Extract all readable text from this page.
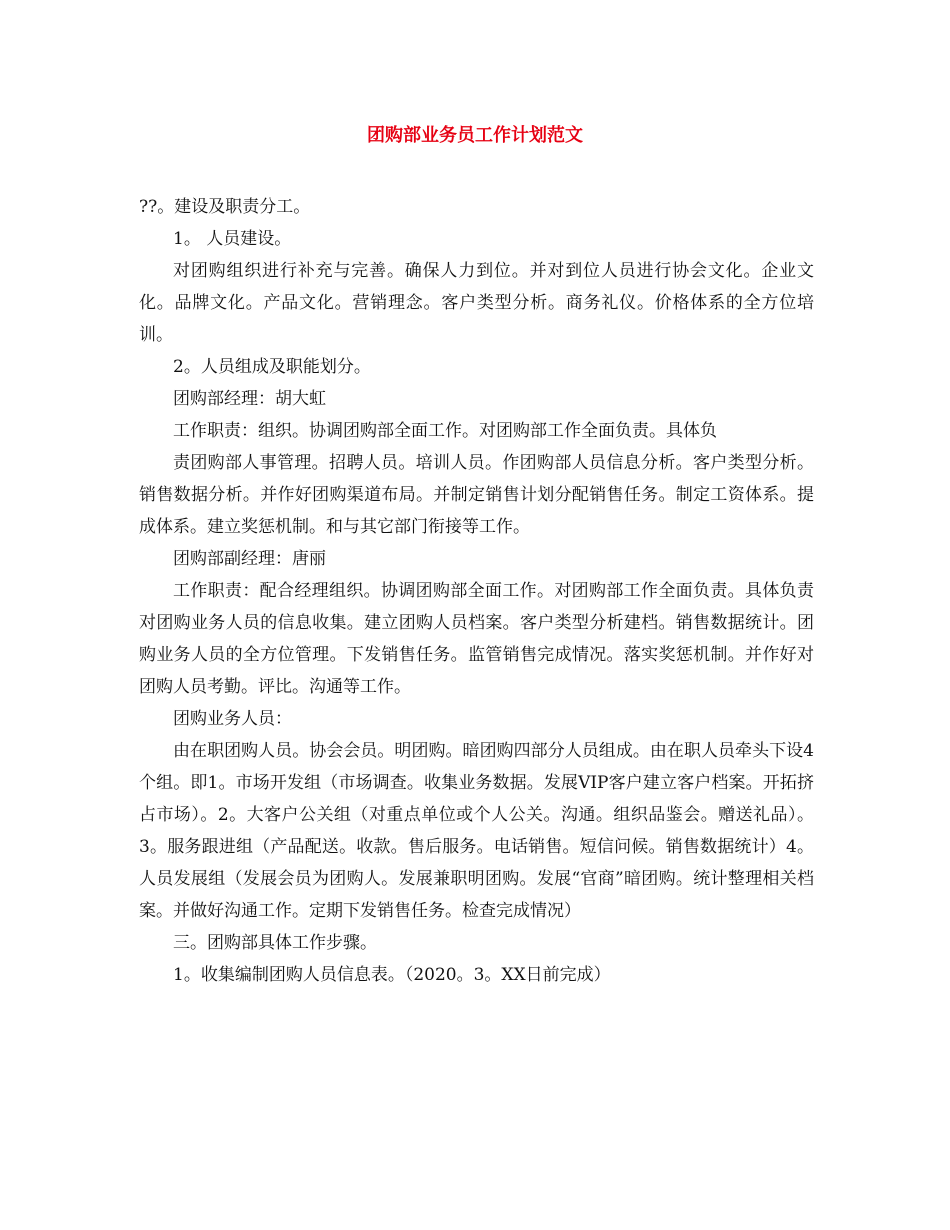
团购部业务员工作计划范文

??。建设及职责分工。

1。 人员建设。

对团购组织进行补充与完善。确保人力到位。并对到位人员进行协会文化。企业文化。品牌文化。产品文化。营销理念。客户类型分析。商务礼仪。价格体系的全方位培训。

2。人员组成及职能划分。

团购部经理：胡大虹

工作职责：组织。协调团购部全面工作。对团购部工作全面负责。具体负

责团购部人事管理。招聘人员。培训人员。作团购部人员信息分析。客户类型分析。销售数据分析。并作好团购渠道布局。并制定销售计划分配销售任务。制定工资体系。提成体系。建立奖惩机制。和与其它部门衔接等工作。

团购部副经理：唐丽

工作职责：配合经理组织。协调团购部全面工作。对团购部工作全面负责。具体负责对团购业务人员的信息收集。建立团购人员档案。客户类型分析建档。销售数据统计。团购业务人员的全方位管理。下发销售任务。监管销售完成情况。落实奖惩机制。并作好对团购人员考勤。评比。沟通等工作。

团购业务人员：

由在职团购人员。协会会员。明团购。暗团购四部分人员组成。由在职人员牵头下设4个组。即1。市场开发组（市场调查。收集业务数据。发展VIP客户建立客户档案。开拓挤占市场）。2。大客户公关组（对重点单位或个人公关。沟通。组织品鉴会。赠送礼品）。3。服务跟进组（产品配送。收款。售后服务。电话销售。短信问候。销售数据统计）4。人员发展组（发展会员为团购人。发展兼职明团购。发展“官商”暗团购。统计整理相关档案。并做好沟通工作。定期下发销售任务。检查完成情况）

三。团购部具体工作步骤。

1。收集编制团购人员信息表。（2020。3。XX日前完成）
